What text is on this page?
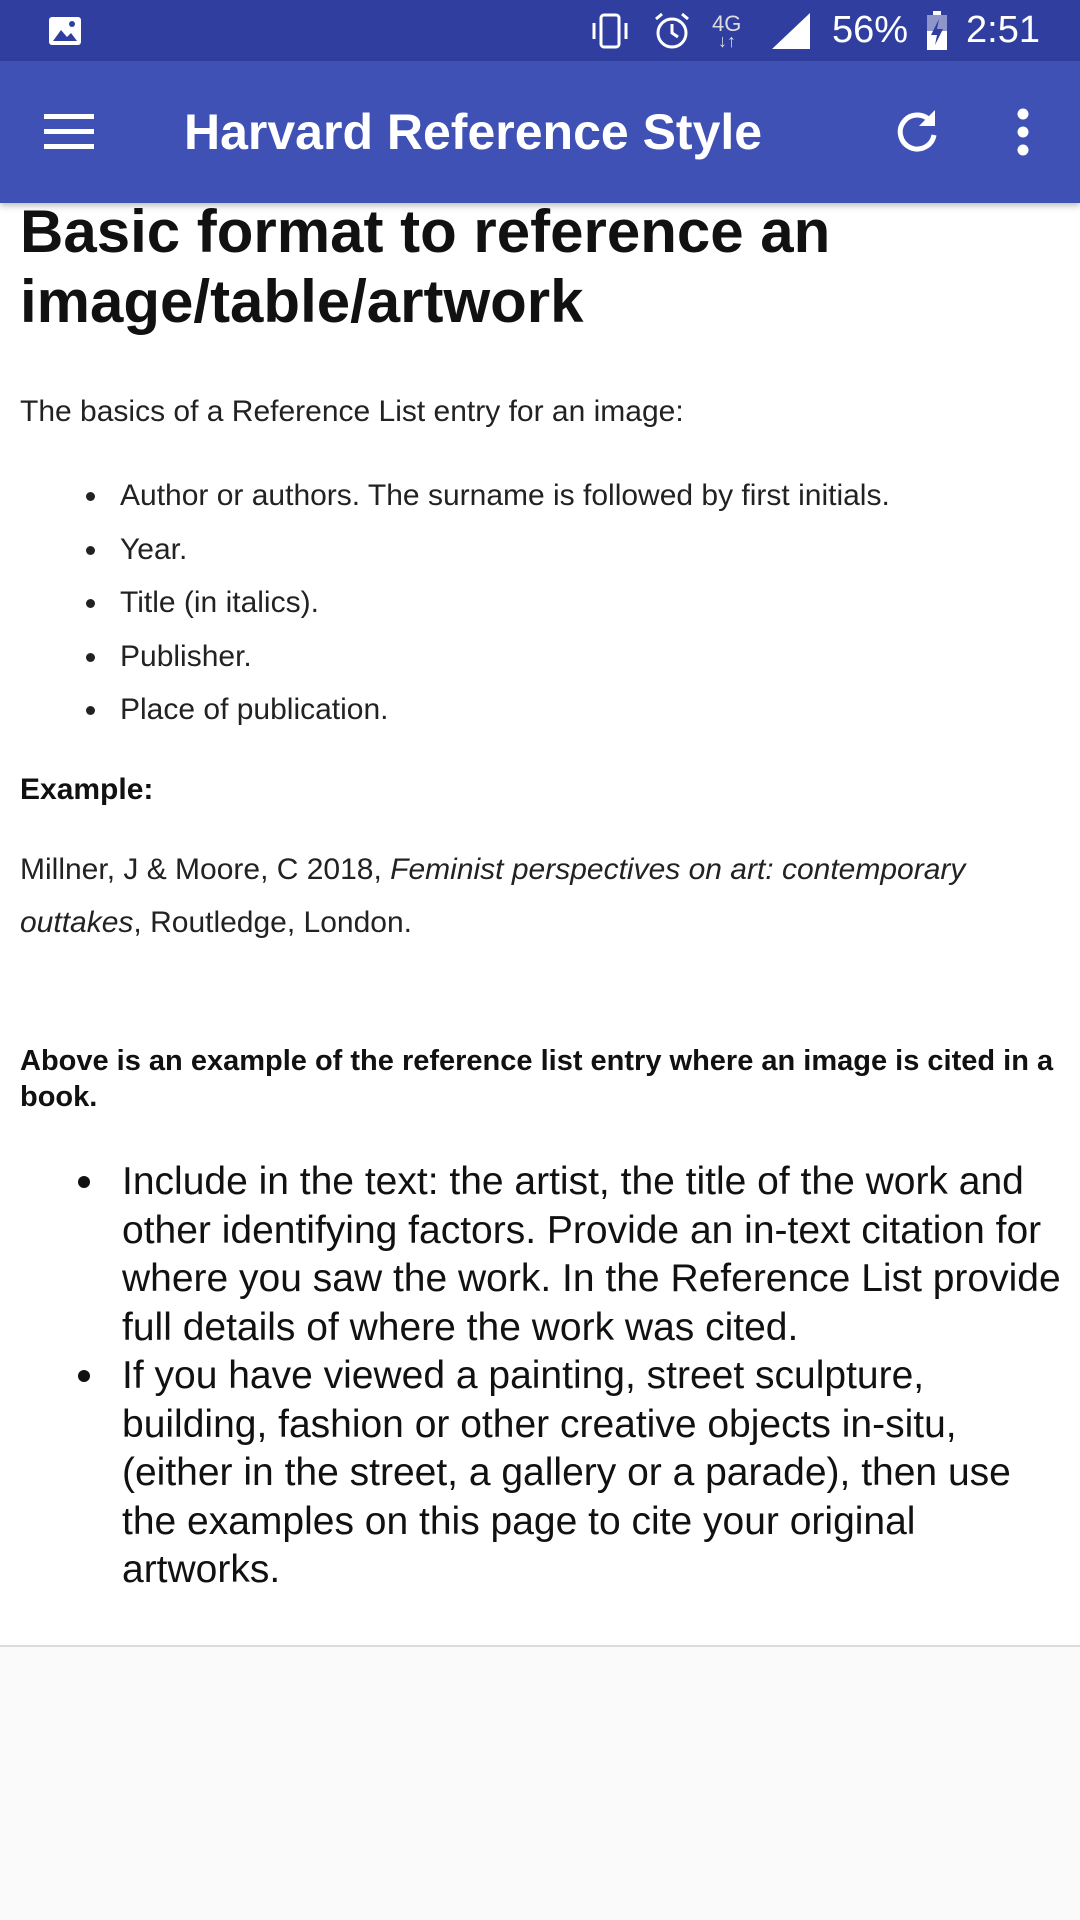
4G
↓↑	56% 2:51
Harvard Reference Style
Basic format to reference an
image/table/artwork

The basics of a Reference List entry for an image:

Author or authors. The surname is followed by first initials.
Year.
Title (in italics).
Publisher.
Place of publication.

Example:

Millner, J & Moore, C 2018, Feminist perspectives on art: contemporary outtakes, Routledge, London.

Above is an example of the reference list entry where an image is cited in a book.

Include in the text: the artist, the title of the work and other identifying factors. Provide an in-text citation for where you saw the work. In the Reference List provide full details of where the work was cited.
If you have viewed a painting, street sculpture, building, fashion or other creative objects in-situ, (either in the street, a gallery or a parade), then use the examples on this page to cite your original artworks.
